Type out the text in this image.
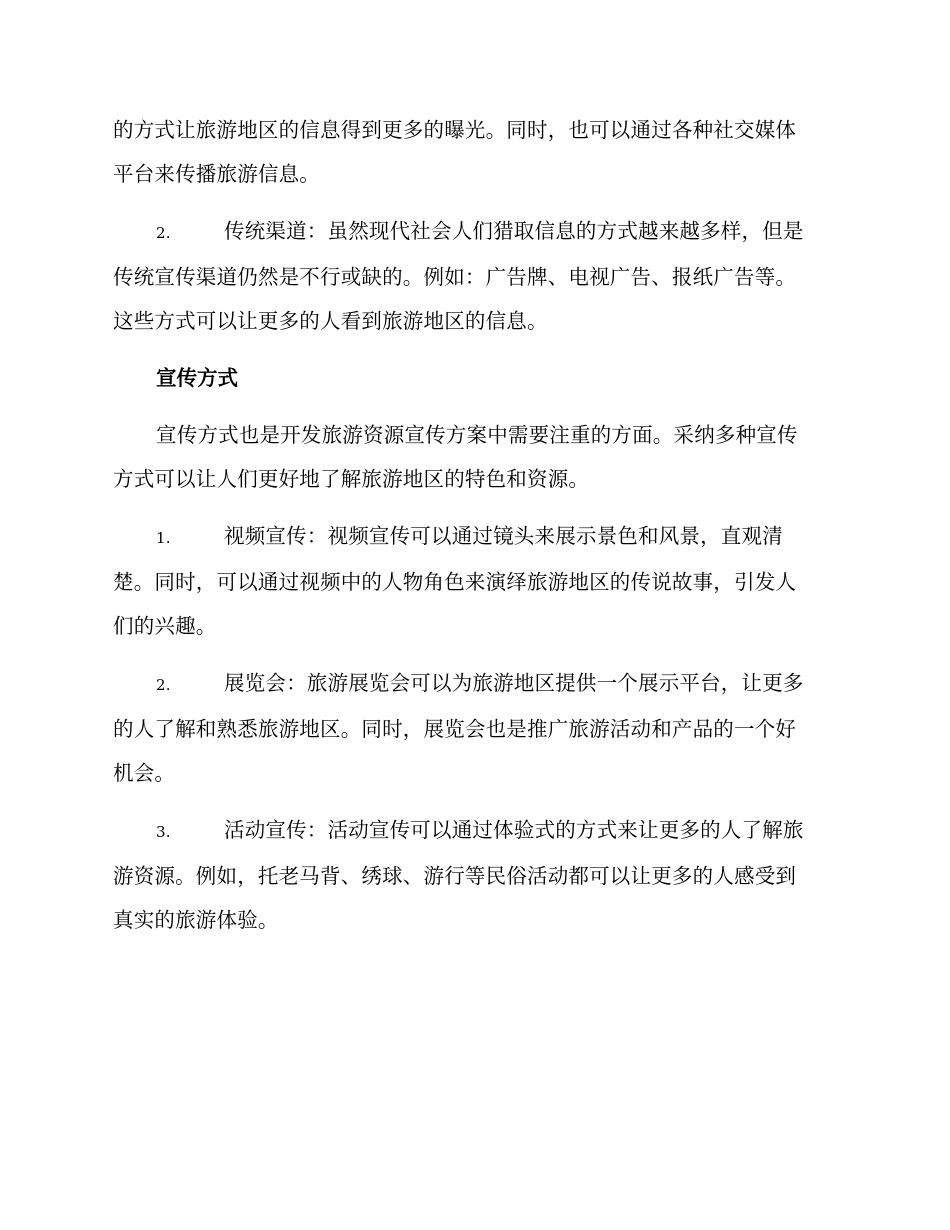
的方式让旅游地区的信息得到更多的曝光。同时，也可以通过各种社交媒体
平台来传播旅游信息。
2.	传统渠道：虽然现代社会人们猎取信息的方式越来越多样，但是
传统宣传渠道仍然是不行或缺的。例如：广告牌、电视广告、报纸广告等。
这些方式可以让更多的人看到旅游地区的信息。
宣传方式
宣传方式也是开发旅游资源宣传方案中需要注重的方面。采纳多种宣传
方式可以让人们更好地了解旅游地区的特色和资源。
1.	视频宣传：视频宣传可以通过镜头来展示景色和风景，直观清
楚。同时，可以通过视频中的人物角色来演绎旅游地区的传说故事，引发人
们的兴趣。
2.	展览会：旅游展览会可以为旅游地区提供一个展示平台，让更多
的人了解和熟悉旅游地区。同时，展览会也是推广旅游活动和产品的一个好
机会。
3.	活动宣传：活动宣传可以通过体验式的方式来让更多的人了解旅
游资源。例如，托老马背、绣球、游行等民俗活动都可以让更多的人感受到
真实的旅游体验。
